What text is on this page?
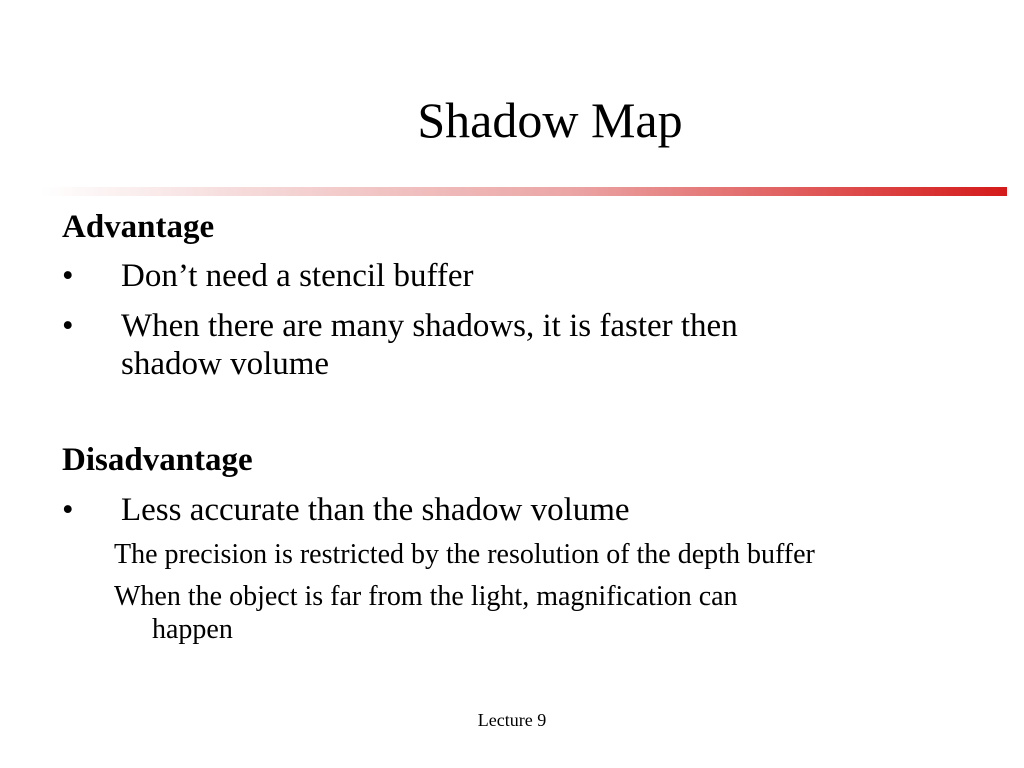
Shadow Map
Advantage
• Don’t need a stencil buffer
• When there are many shadows, it is faster then
shadow volume
Disadvantage
• Less accurate than the shadow volume
The precision is restricted by the resolution of the depth buffer
When the object is far from the light, magnification can
happen
Lecture 9
